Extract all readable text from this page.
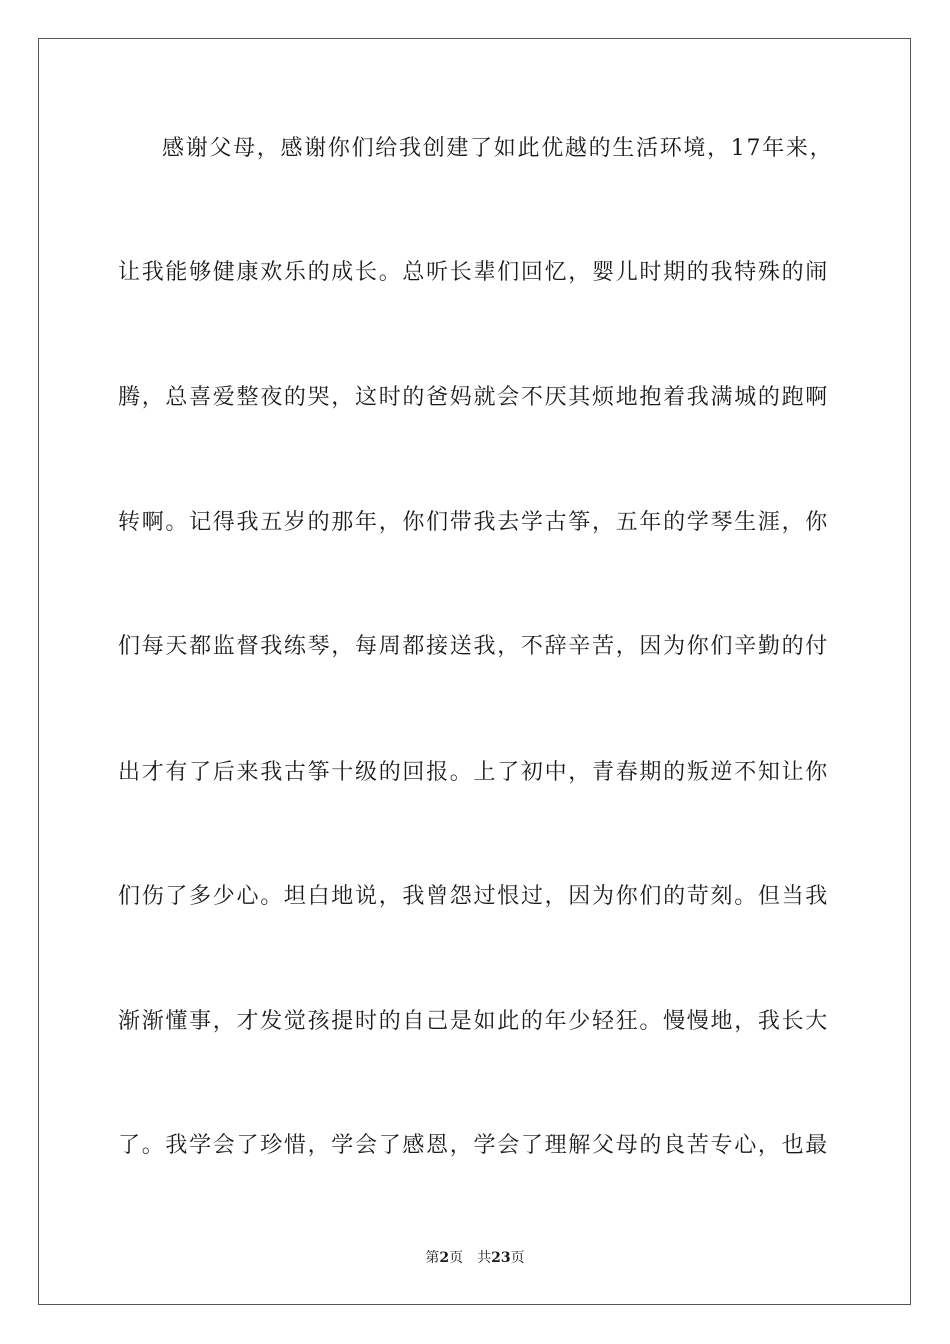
感谢父母，感谢你们给我创建了如此优越的生活环境，17年来，
让我能够健康欢乐的成长。总听长辈们回忆，婴儿时期的我特殊的闹
腾，总喜爱整夜的哭，这时的爸妈就会不厌其烦地抱着我满城的跑啊
转啊。记得我五岁的那年，你们带我去学古筝，五年的学琴生涯，你
们每天都监督我练琴，每周都接送我，不辞辛苦，因为你们辛勤的付
出才有了后来我古筝十级的回报。上了初中，青春期的叛逆不知让你
们伤了多少心。坦白地说，我曾怨过恨过，因为你们的苛刻。但当我
渐渐懂事，才发觉孩提时的自己是如此的年少轻狂。慢慢地，我长大
了。我学会了珍惜，学会了感恩，学会了理解父母的良苦专心，也最
第2页 共23页
